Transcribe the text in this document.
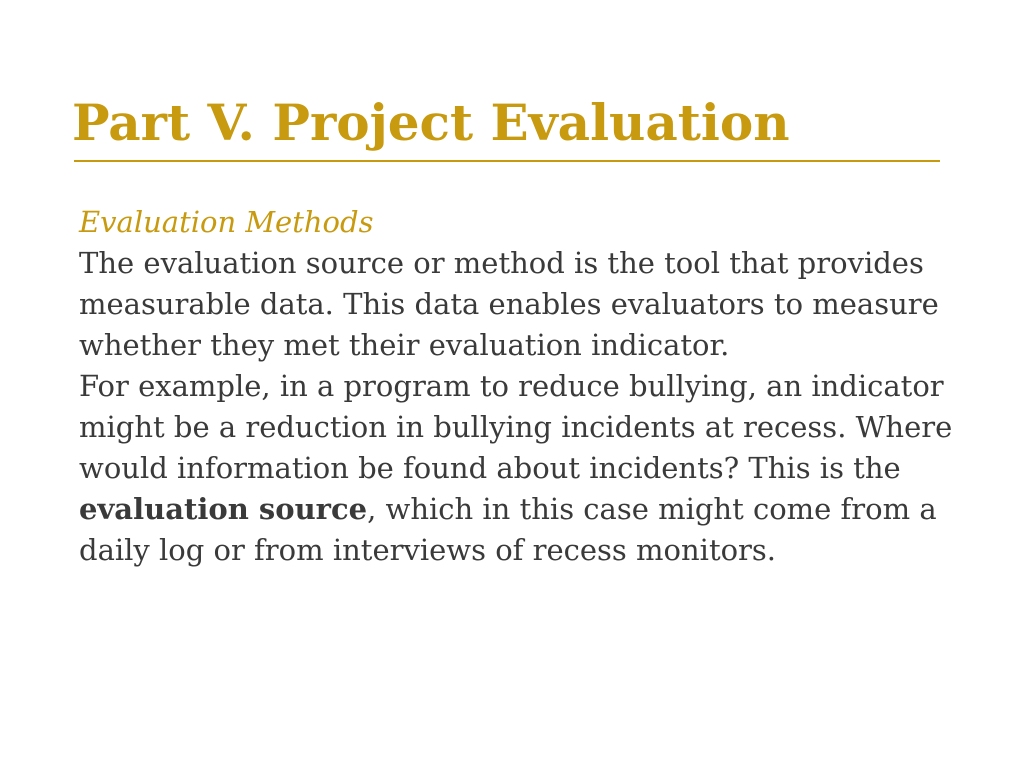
Part V. Project Evaluation
Evaluation Methods

The evaluation source or method is the tool that provides measurable data. This data enables evaluators to measure whether they met their evaluation indicator.

For example, in a program to reduce bullying, an indicator might be a reduction in bullying incidents at recess. Where would information be found about incidents? This is the evaluation source, which in this case might come from a daily log or from interviews of recess monitors.
